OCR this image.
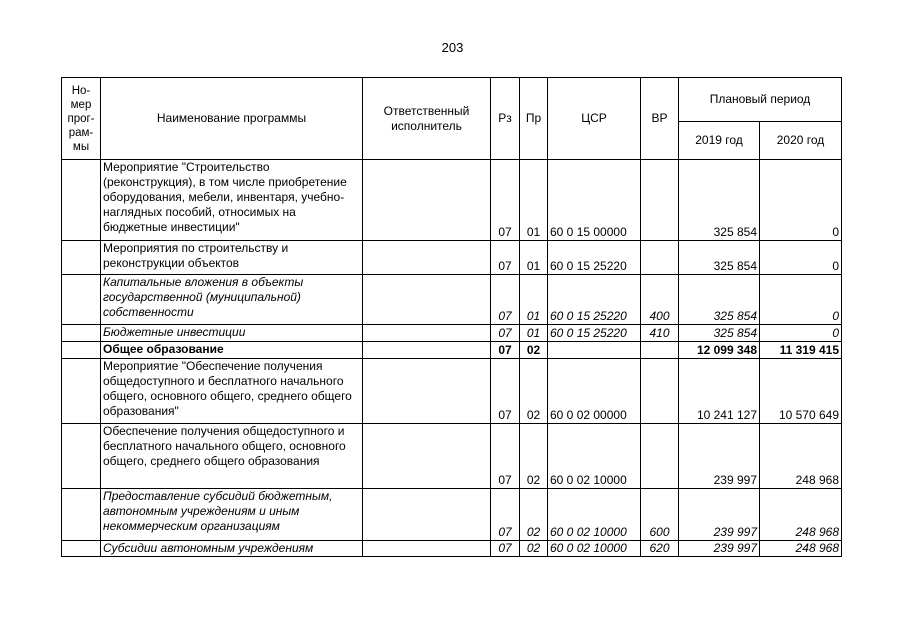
203
Но-
мер
прог-
рам-
мы	Наименование программы	Ответственный исполнитель	Рз	Пр	ЦСР	ВР	Плановый период	
							2019 год	2020 год
	Мероприятие "Строительство (реконструкция), в том числе приобретение оборудования, мебели, инвентаря, учебно-наглядных пособий, относимых на бюджетные инвестиции"		07	01	60 0 15 00000		325 854	0
	Мероприятия по строительству и реконструкции объектов		07	01	60 0 15 25220		325 854	0
	Капитальные вложения в объекты государственной (муниципальной) собственности		07	01	60 0 15 25220	400	325 854	0
	Бюджетные инвестиции		07	01	60 0 15 25220	410	325 854	0
	Общее образование		07	02			12 099 348	11 319 415
	Мероприятие "Обеспечение получения общедоступного и бесплатного начального общего, основного общего, среднего общего образования"		07	02	60 0 02 00000		10 241 127	10 570 649
	Обеспечение получения общедоступного и бесплатного начального общего, основного общего, среднего общего образования		07	02	60 0 02 10000		239 997	248 968
	Предоставление субсидий бюджетным, автономным учреждениям и иным некоммерческим организациям		07	02	60 0 02 10000	600	239 997	248 968
	Субсидии автономным учреждениям		07	02	60 0 02 10000	620	239 997	248 968
